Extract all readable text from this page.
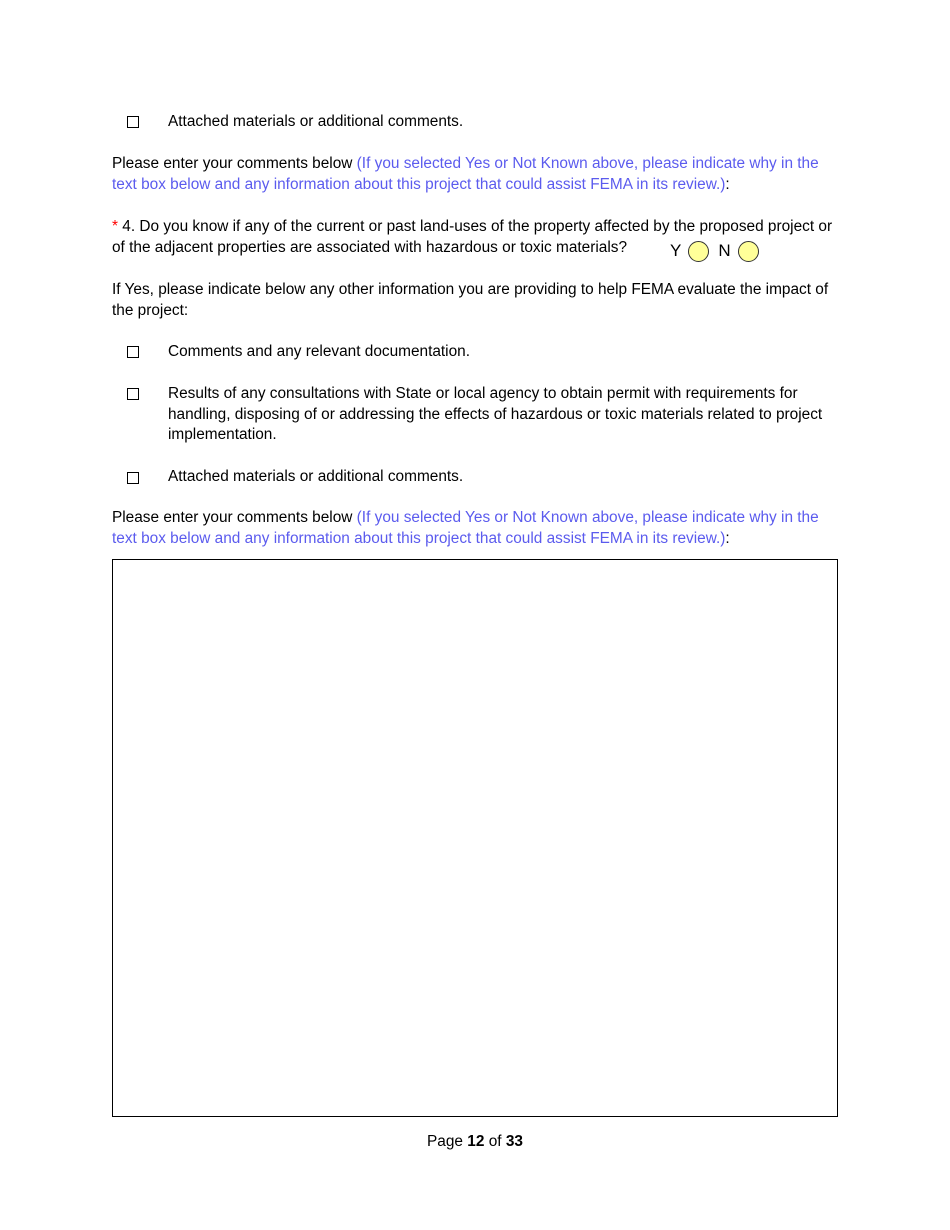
Attached materials or additional comments.
Please enter your comments below (If you selected Yes or Not Known above, please indicate why in the text box below and any information about this project that could assist FEMA in its review.):
* 4. Do you know if any of the current or past land-uses of the property affected by the proposed project or of the adjacent properties are associated with hazardous or toxic materials?	Y N
If Yes, please indicate below any other information you are providing to help FEMA evaluate the impact of the project:
Comments and any relevant documentation.
Results of any consultations with State or local agency to obtain permit with requirements for handling, disposing of or addressing the effects of hazardous or toxic materials related to project implementation.
Attached materials or additional comments.
Please enter your comments below (If you selected Yes or Not Known above, please indicate why in the text box below and any information about this project that could assist FEMA in its review.):
Page 12 of 33
